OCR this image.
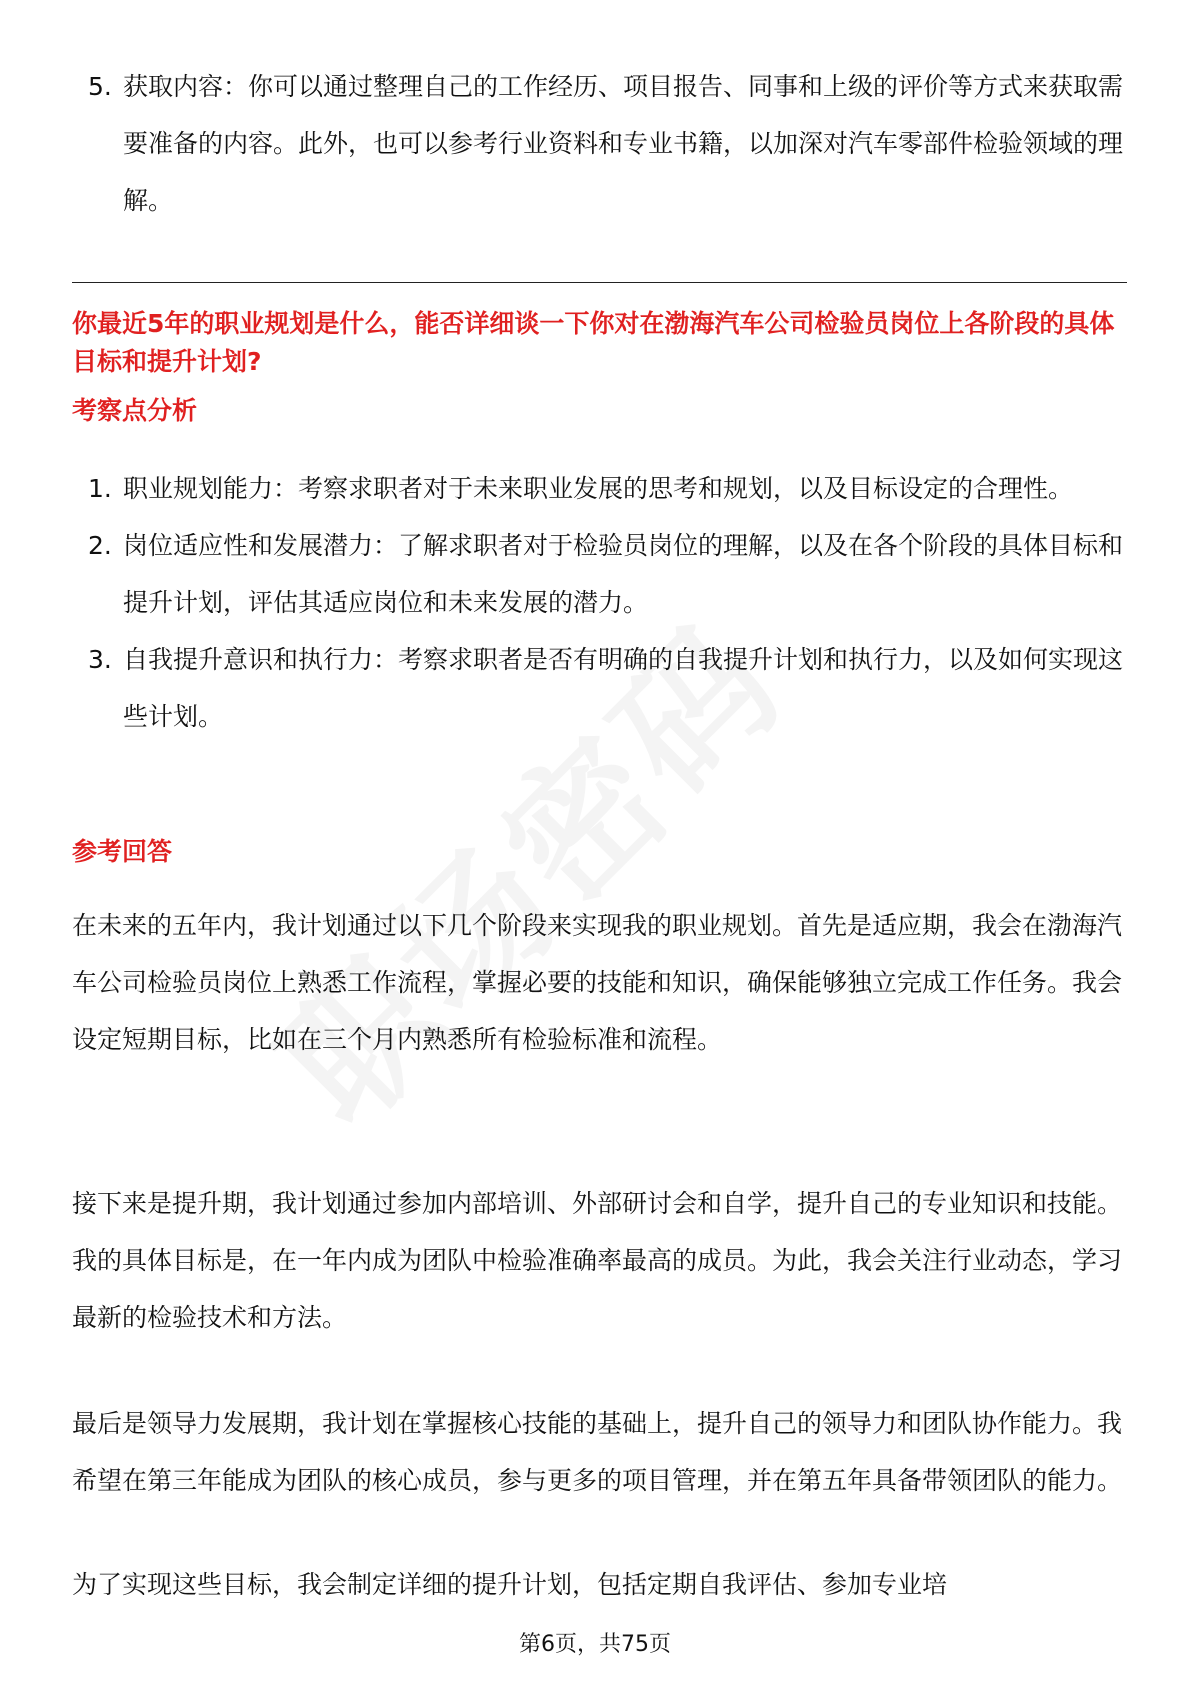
5. 获取内容：你可以通过整理自己的工作经历、项目报告、同事和上级的评价等方式来获取需要准备的内容。此外，也可以参考行业资料和专业书籍，以加深对汽车零部件检验领域的理解。
你最近5年的职业规划是什么，能否详细谈一下你对在渤海汽车公司检验员岗位上各阶段的具体目标和提升计划?
考察点分析
1. 职业规划能力：考察求职者对于未来职业发展的思考和规划，以及目标设定的合理性。
2. 岗位适应性和发展潜力：了解求职者对于检验员岗位的理解，以及在各个阶段的具体目标和提升计划，评估其适应岗位和未来发展的潜力。
3. 自我提升意识和执行力：考察求职者是否有明确的自我提升计划和执行力，以及如何实现这些计划。
参考回答

在未来的五年内，我计划通过以下几个阶段来实现我的职业规划。首先是适应期，我会在渤海汽车公司检验员岗位上熟悉工作流程，掌握必要的技能和知识，确保能够独立完成工作任务。我会设定短期目标，比如在三个月内熟悉所有检验标准和流程。

接下来是提升期，我计划通过参加内部培训、外部研讨会和自学，提升自己的专业知识和技能。我的具体目标是，在一年内成为团队中检验准确率最高的成员。为此，我会关注行业动态，学习最新的检验技术和方法。

最后是领导力发展期，我计划在掌握核心技能的基础上，提升自己的领导力和团队协作能力。我希望在第三年能成为团队的核心成员，参与更多的项目管理，并在第五年具备带领团队的能力。

为了实现这些目标，我会制定详细的提升计划，包括定期自我评估、参加专业培

第6页，共75页
